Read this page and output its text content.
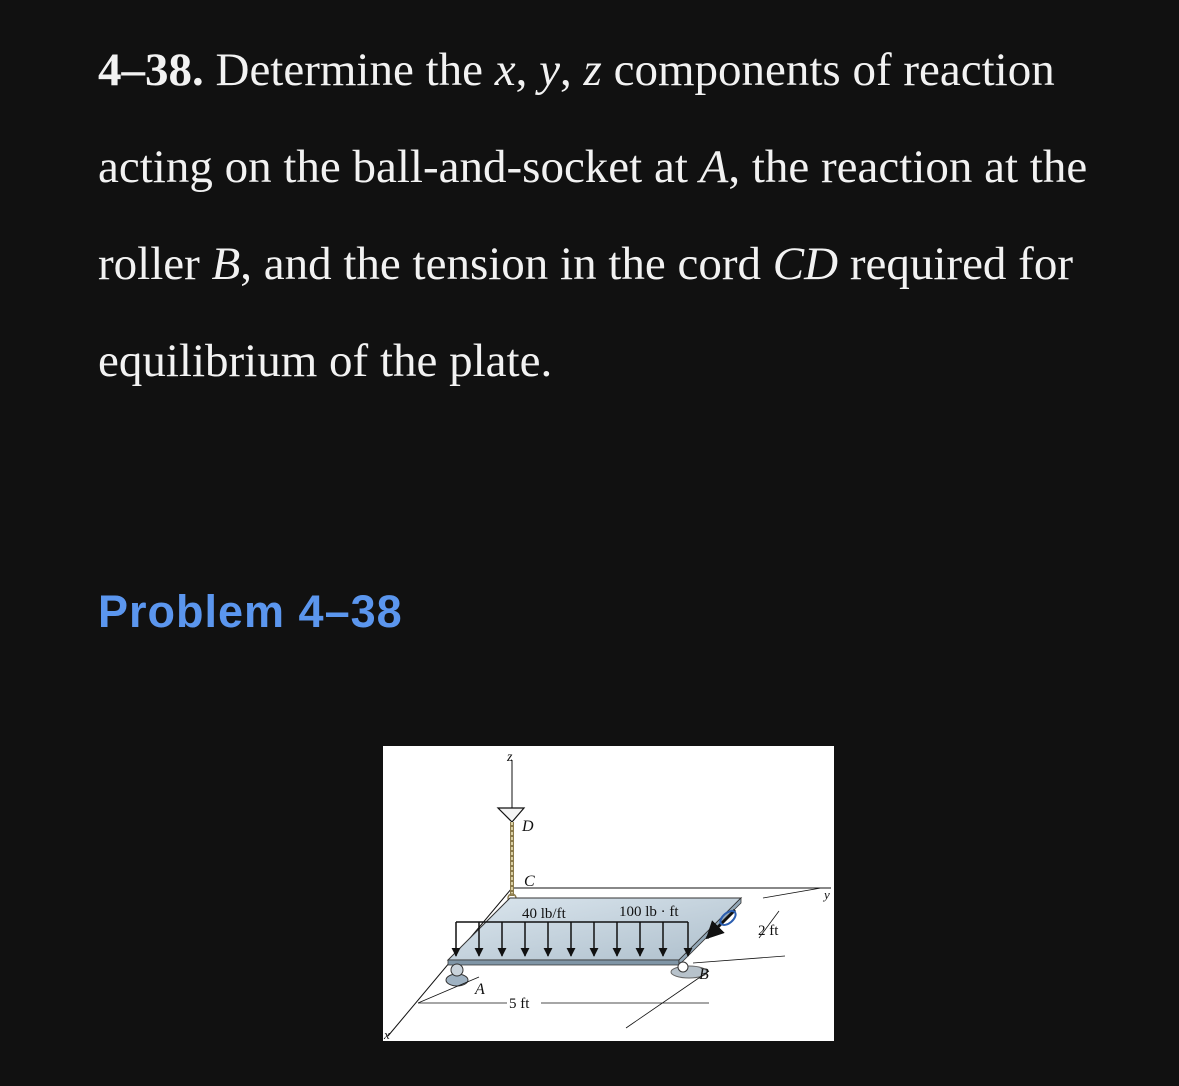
4–38. Determine the x, y, z components of reaction acting on the ball-and-socket at A, the reaction at the roller B, and the tension in the cord CD required for equilibrium of the plate.

Problem 4–38
z
D
C
40 lb/ft	100 lb · ft
2 ft
y
A
B
5 ft
x
